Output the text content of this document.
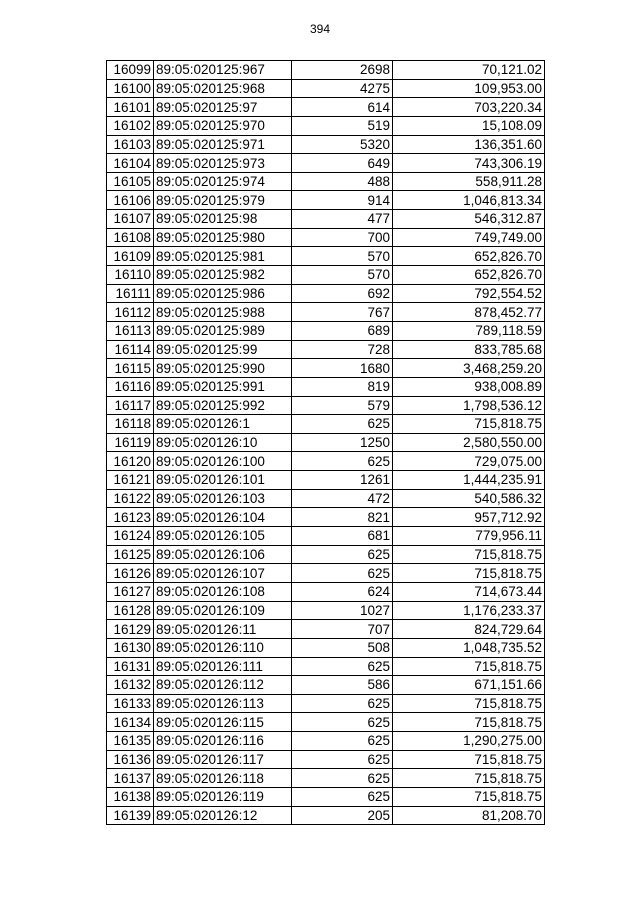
394
16099	89:05:020125:967	2698	70,121.02
16100	89:05:020125:968	4275	109,953.00
16101	89:05:020125:97	614	703,220.34
16102	89:05:020125:970	519	15,108.09
16103	89:05:020125:971	5320	136,351.60
16104	89:05:020125:973	649	743,306.19
16105	89:05:020125:974	488	558,911.28
16106	89:05:020125:979	914	1,046,813.34
16107	89:05:020125:98	477	546,312.87
16108	89:05:020125:980	700	749,749.00
16109	89:05:020125:981	570	652,826.70
16110	89:05:020125:982	570	652,826.70
16111	89:05:020125:986	692	792,554.52
16112	89:05:020125:988	767	878,452.77
16113	89:05:020125:989	689	789,118.59
16114	89:05:020125:99	728	833,785.68
16115	89:05:020125:990	1680	3,468,259.20
16116	89:05:020125:991	819	938,008.89
16117	89:05:020125:992	579	1,798,536.12
16118	89:05:020126:1	625	715,818.75
16119	89:05:020126:10	1250	2,580,550.00
16120	89:05:020126:100	625	729,075.00
16121	89:05:020126:101	1261	1,444,235.91
16122	89:05:020126:103	472	540,586.32
16123	89:05:020126:104	821	957,712.92
16124	89:05:020126:105	681	779,956.11
16125	89:05:020126:106	625	715,818.75
16126	89:05:020126:107	625	715,818.75
16127	89:05:020126:108	624	714,673.44
16128	89:05:020126:109	1027	1,176,233.37
16129	89:05:020126:11	707	824,729.64
16130	89:05:020126:110	508	1,048,735.52
16131	89:05:020126:111	625	715,818.75
16132	89:05:020126:112	586	671,151.66
16133	89:05:020126:113	625	715,818.75
16134	89:05:020126:115	625	715,818.75
16135	89:05:020126:116	625	1,290,275.00
16136	89:05:020126:117	625	715,818.75
16137	89:05:020126:118	625	715,818.75
16138	89:05:020126:119	625	715,818.75
16139	89:05:020126:12	205	81,208.70
